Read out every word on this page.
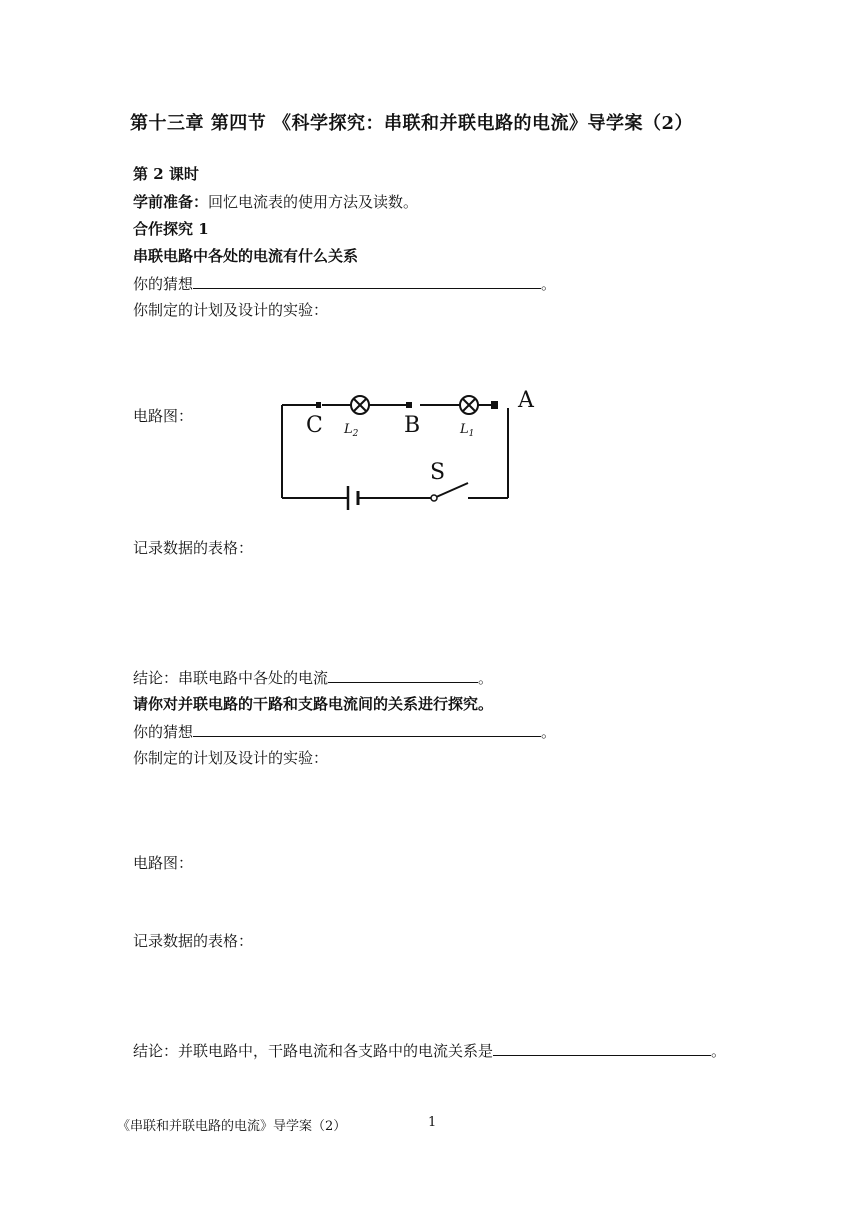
第十三章 第四节 《科学探究：串联和并联电路的电流》导学案（2）
第 2 课时
学前准备：回忆电流表的使用方法及读数。
合作探究 1
串联电路中各处的电流有什么关系
你的猜想	。
你制定的计划及设计的实验：
电路图：	C $L_2$ B	$L_1$
A
S
记录数据的表格：
结论：串联电路中各处的电流	。
请你对并联电路的干路和支路电流间的关系进行探究。
你的猜想	。
你制定的计划及设计的实验：
电路图：
记录数据的表格：
结论：并联电路中，干路电流和各支路中的电流关系是	。
《串联和并联电路的电流》导学案（2）	1
